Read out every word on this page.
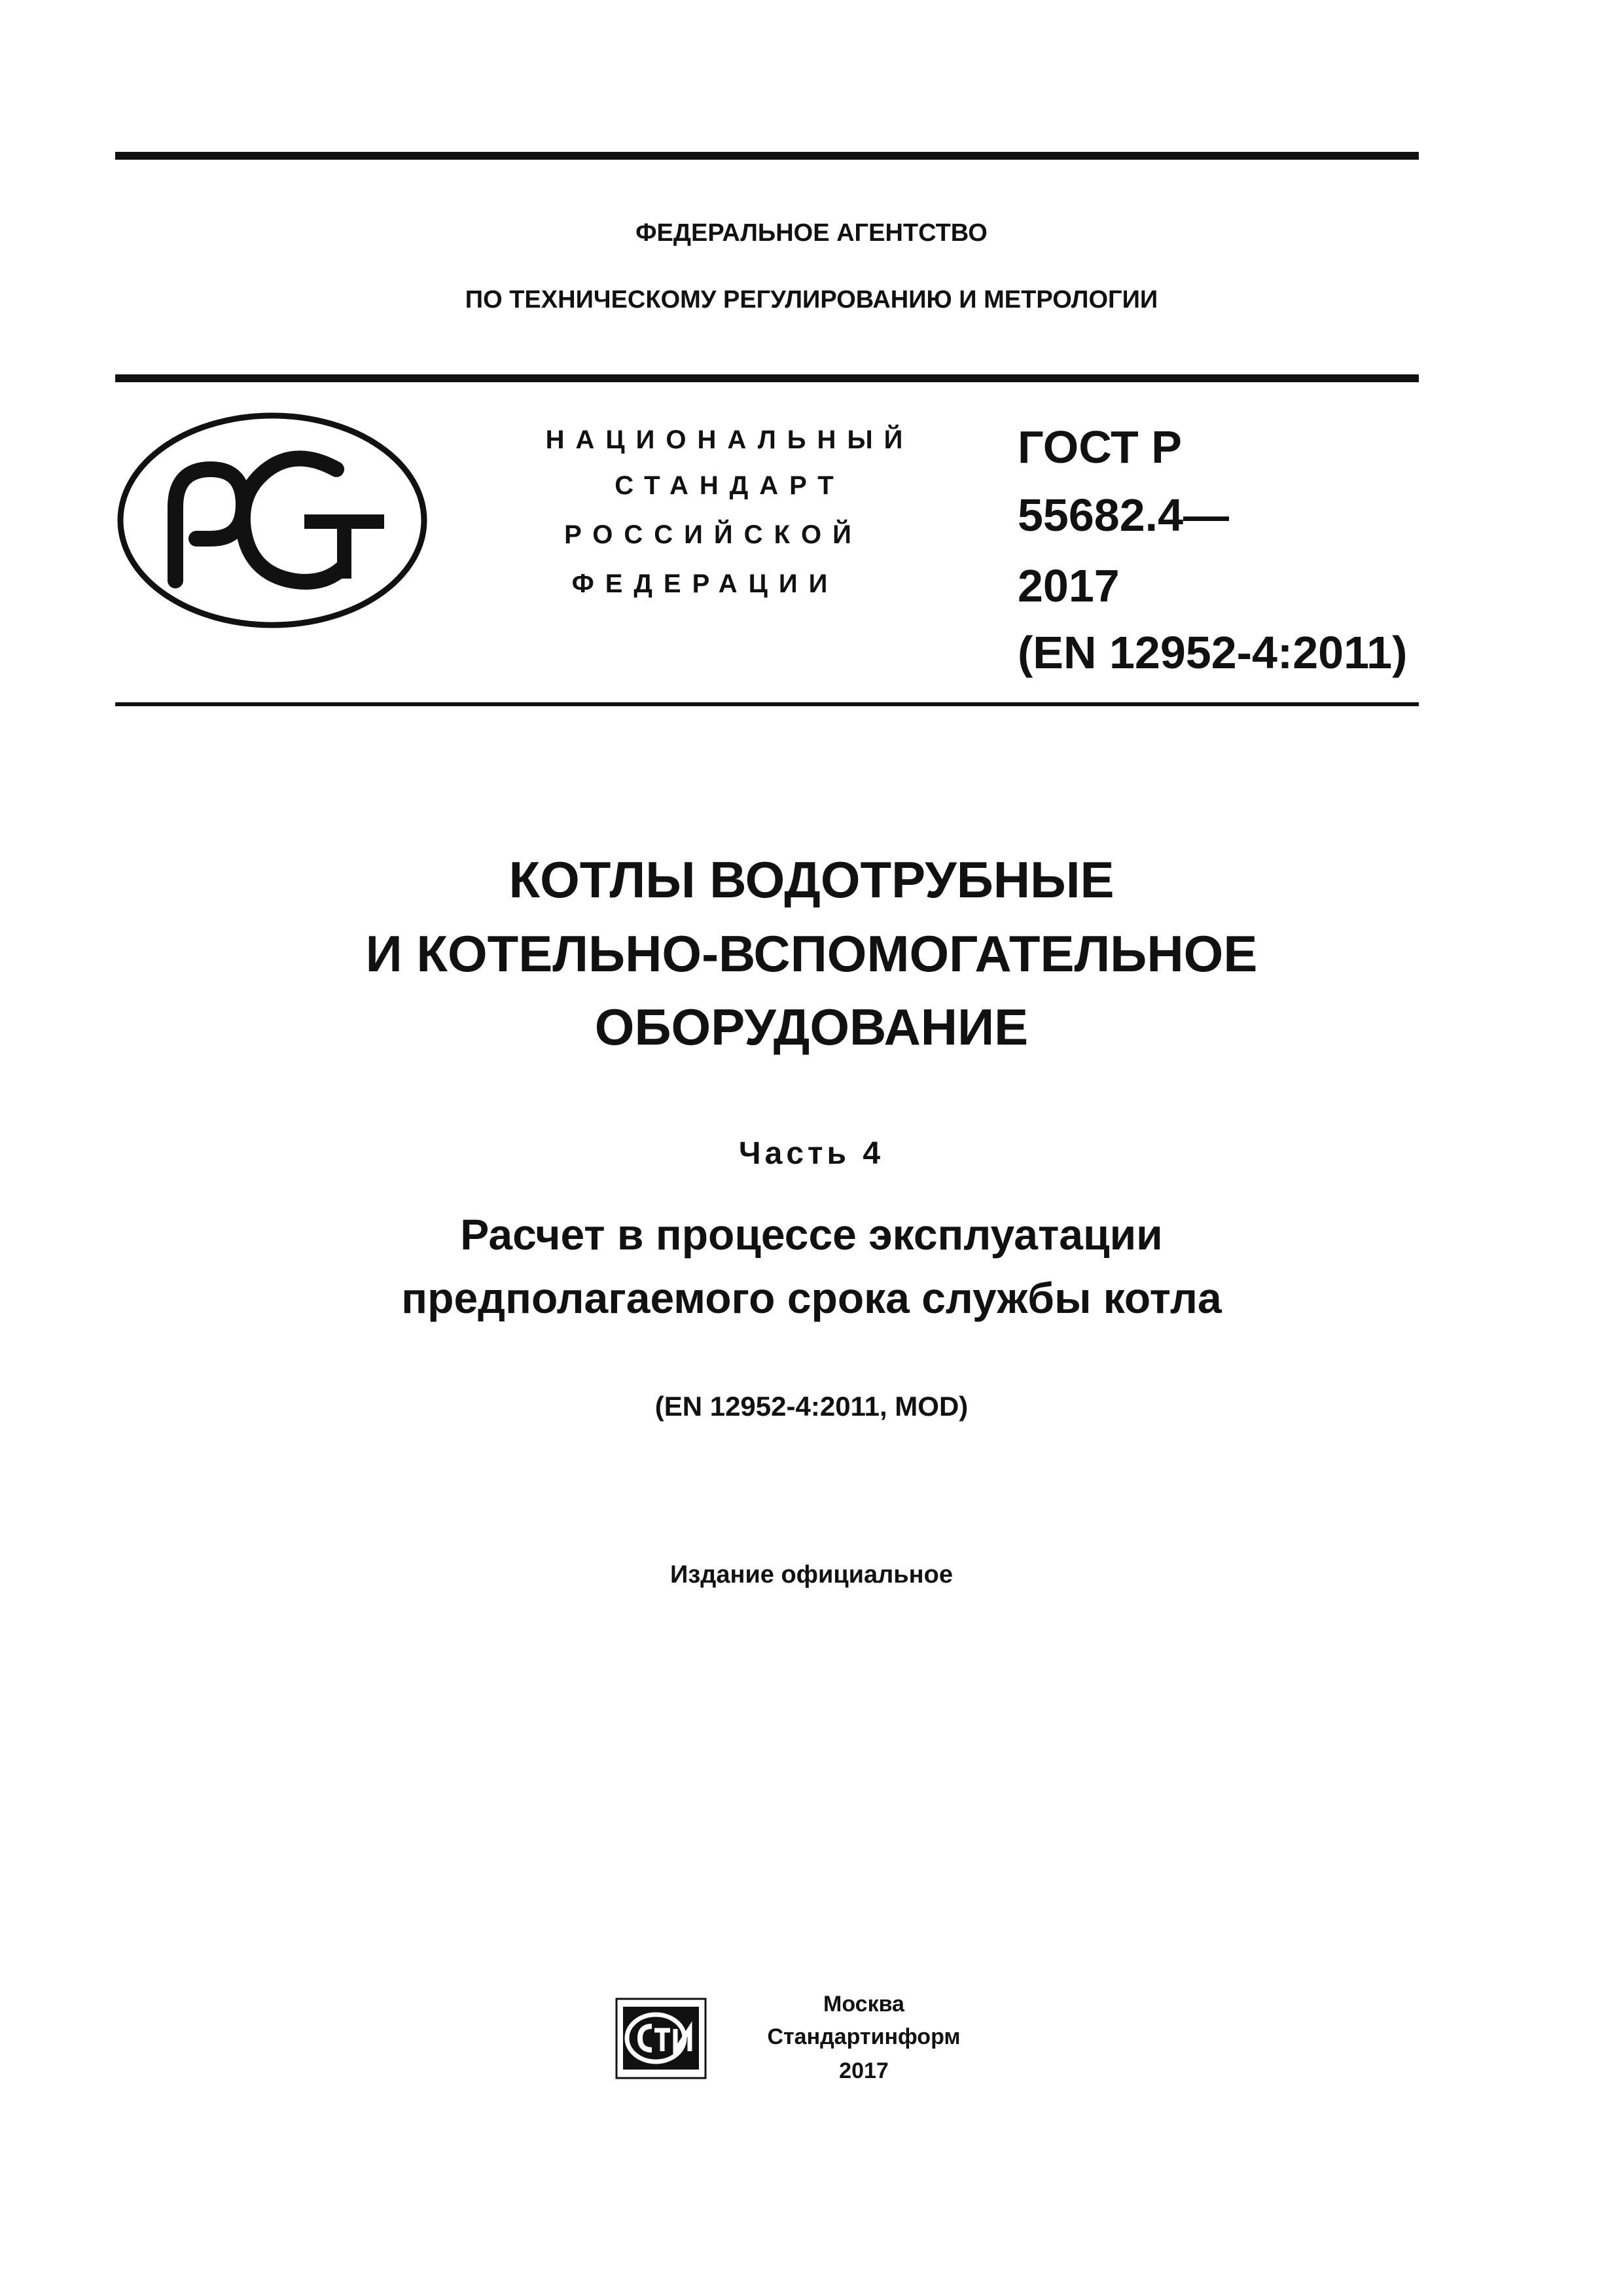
ФЕДЕРАЛЬНОЕ АГЕНТСТВО
ПО ТЕХНИЧЕСКОМУ РЕГУЛИРОВАНИЮ И МЕТРОЛОГИИ
НАЦИОНАЛЬНЫЙ
СТАНДАРТ
РОССИЙСКОЙ
ФЕДЕРАЦИИ
ГОСТ Р
55682.4—
2017
(EN 12952-4:2011)
КОТЛЫ ВОДОТРУБНЫЕ
И КОТЕЛЬНО-ВСПОМОГАТЕЛЬНОЕ
ОБОРУДОВАНИЕ
Часть 4
Расчет в процессе эксплуатации
предполагаемого срока службы котла
(EN 12952-4:2011, MOD)
Издание официальное
Москва
Стандартинформ
2017
